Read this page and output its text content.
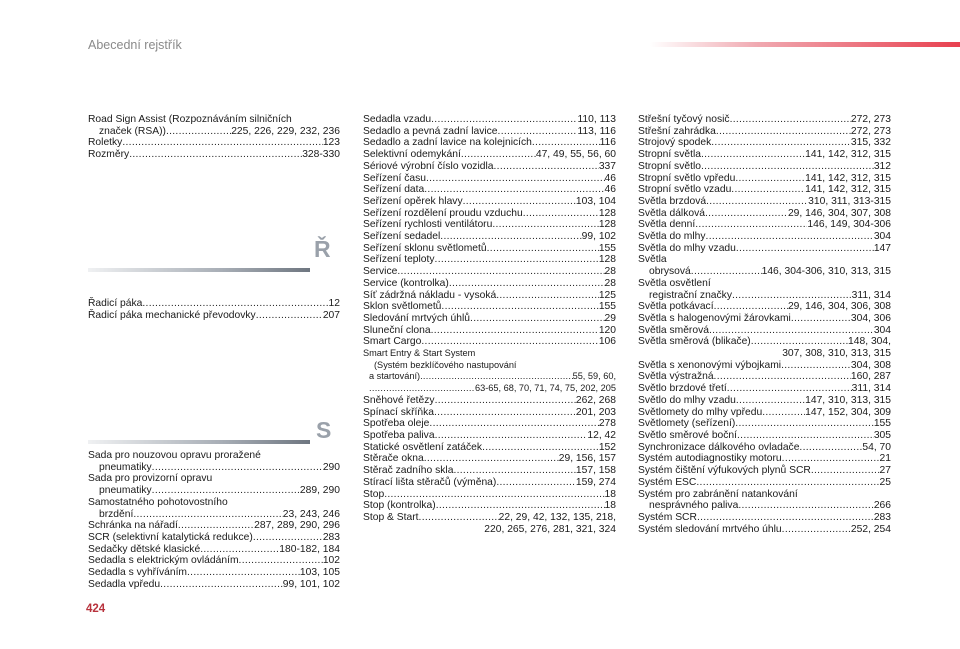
Abecední rejstřík
Road Sign Assist (Rozpoznáváním silničních
značek (RSA)) .....	225, 226, 229, 232, 236
Roletky .....	123
Rozměry .....	328-330
Ř
Řadicí páka .....	12
Řadicí páka mechanické převodovky .....	207
S
Sada pro nouzovou opravu proražené
pneumatiky .....	290
Sada pro provizorní opravu
pneumatiky .....	289, 290
Samostatného pohotovostního
brzdění .....	23, 243, 246
Schránka na nářadí .....	287, 289, 290, 296
SCR (selektivní katalytická redukce) .....	283
Sedačky dětské klasické .....	180-182, 184
Sedadla s elektrickým ovládáním .....	102
Sedadla s vyhříváním .....	103, 105
Sedadla vpředu .....	99, 101, 102
Sedadla vzadu .....	110, 113
Sedadlo a pevná zadní lavice .....	113, 116
Sedadlo a zadní lavice na kolejnicích .....	116
Selektivní odemykání .....	47, 49, 55, 56, 60
Sériové výrobní číslo vozidla .....	337
Seřízení času .....	46
Seřízení data .....	46
Seřízení opěrek hlavy .....	103, 104
Seřízení rozdělení proudu vzduchu .....	128
Seřízení rychlosti ventilátoru .....	128
Seřízení sedadel .....	99, 102
Seřízení sklonu světlometů .....	155
Seřízení teploty .....	128
Service .....	28
Service (kontrolka) .....	28
Síť zádržná nákladu - vysoká .....	125
Sklon světlometů .....	155
Sledování mrtvých úhlů .....	29
Sluneční clona .....	120
Smart Cargo .....	106
Smart Entry & Start System
(Systém bezklíčového nastupování
a startování) .....	55, 59, 60,
.....
63-65, 68, 70, 71, 74, 75, 202, 205
Sněhové řetězy .....	262, 268
Spínací skříňka .....	201, 203
Spotřeba oleje .....	278
Spotřeba paliva .....	12, 42
Statické osvětlení zatáček .....	152
Stěrače okna .....	29, 156, 157
Stěrač zadního skla .....	157, 158
Stírací lišta stěračů (výměna) .....	159, 274
Stop .....	18
Stop (kontrolka) .....	18
Stop & Start .....	22, 29, 42, 132, 135, 218,
220, 265, 276, 281, 321, 324
Střešní tyčový nosič .....	272, 273
Střešní zahrádka .....	272, 273
Strojový spodek .....	315, 332
Stropní světla .....	141, 142, 312, 315
Stropní světlo .....	312
Stropní světlo vpředu .....	141, 142, 312, 315
Stropní světlo vzadu .....	141, 142, 312, 315
Světla brzdová .....	310, 311, 313-315
Světla dálková .....	29, 146, 304, 307, 308
Světla denní .....	146, 149, 304-306
Světla do mlhy .....	304
Světla do mlhy vzadu .....	147
Světla
obrysová .....	146, 304-306, 310, 313, 315
Světla osvětlení
registrační značky .....	311, 314
Světla potkávací .....	29, 146, 304, 306, 308
Světla s halogenovými žárovkami .....	304, 306
Světla směrová .....	304
Světla směrová (blikače) .....	148, 304,
307, 308, 310, 313, 315
Světla s xenonovými výbojkami .....	304, 308
Světla výstražná .....	160, 287
Světlo brzdové třetí .....	311, 314
Světlo do mlhy vzadu .....	147, 310, 313, 315
Světlomety do mlhy vpředu .....	147, 152, 304, 309
Světlomety (seřízení) .....	155
Světlo směrové boční .....	305
Synchronizace dálkového ovladače .....	54, 70
Systém autodiagnostiky motoru .....	21
Systém čištění výfukových plynů SCR .....	27
Systém ESC .....	25
Systém pro zabránění natankování
nesprávného paliva .....	266
Systém SCR .....	283
Systém sledování mrtvého úhlu .....	252, 254
424
